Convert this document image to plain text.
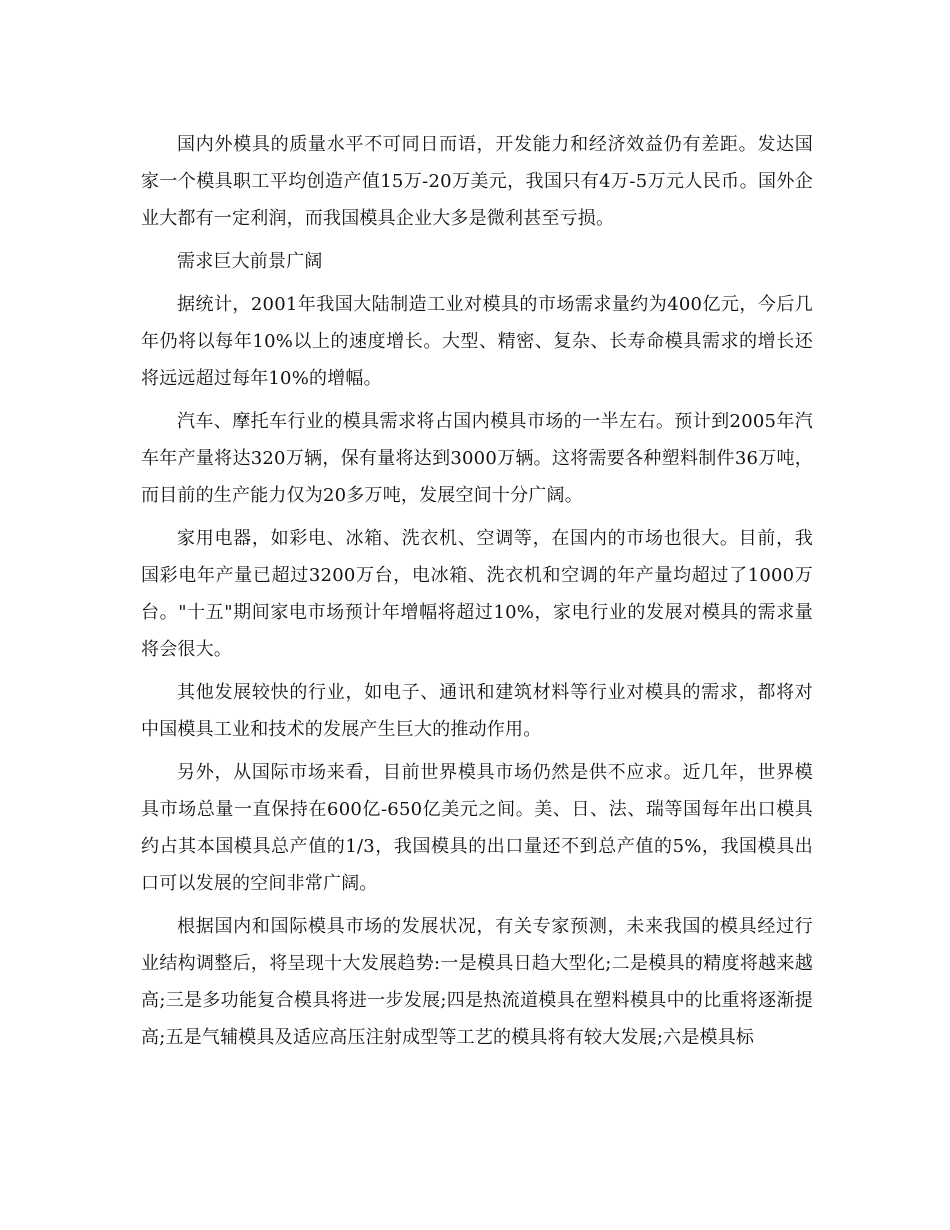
国内外模具的质量水平不可同日而语，开发能力和经济效益仍有差距。发达国家一个模具职工平均创造产值15万-20万美元，我国只有4万-5万元人民币。国外企业大都有一定利润，而我国模具企业大多是微利甚至亏损。

需求巨大前景广阔

据统计，2001年我国大陆制造工业对模具的市场需求量约为400亿元，今后几年仍将以每年10%以上的速度增长。大型、精密、复杂、长寿命模具需求的增长还将远远超过每年10%的增幅。

汽车、摩托车行业的模具需求将占国内模具市场的一半左右。预计到2005年汽车年产量将达320万辆，保有量将达到3000万辆。这将需要各种塑料制件36万吨，而目前的生产能力仅为20多万吨，发展空间十分广阔。

家用电器，如彩电、冰箱、洗衣机、空调等，在国内的市场也很大。目前，我国彩电年产量已超过3200万台，电冰箱、洗衣机和空调的年产量均超过了1000万台。"十五"期间家电市场预计年增幅将超过10%，家电行业的发展对模具的需求量将会很大。

其他发展较快的行业，如电子、通讯和建筑材料等行业对模具的需求，都将对中国模具工业和技术的发展产生巨大的推动作用。

另外，从国际市场来看，目前世界模具市场仍然是供不应求。近几年，世界模具市场总量一直保持在600亿-650亿美元之间。美、日、法、瑞等国每年出口模具约占其本国模具总产值的1/3，我国模具的出口量还不到总产值的5%，我国模具出口可以发展的空间非常广阔。

根据国内和国际模具市场的发展状况，有关专家预测，未来我国的模具经过行业结构调整后，将呈现十大发展趋势:一是模具日趋大型化;二是模具的精度将越来越高;三是多功能复合模具将进一步发展;四是热流道模具在塑料模具中的比重将逐渐提高;五是气辅模具及适应高压注射成型等工艺的模具将有较大发展;六是模具标
